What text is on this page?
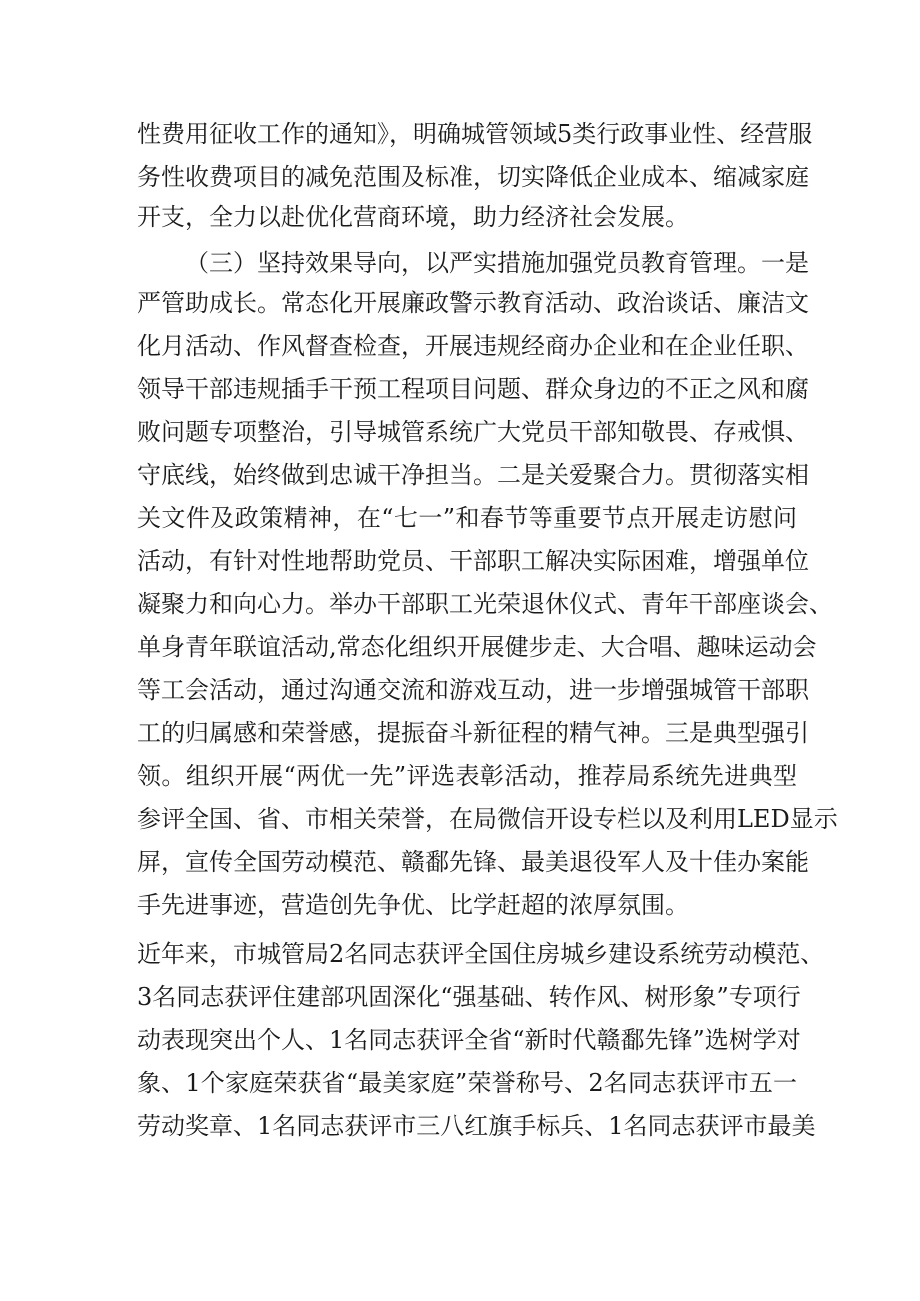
性费用征收工作的通知》，明确城管领域5类行政事业性、经营服
务性收费项目的减免范围及标准，切实降低企业成本、缩减家庭
开支，全力以赴优化营商环境，助力经济社会发展。
（三）坚持效果导向，以严实措施加强党员教育管理。一是
严管助成长。常态化开展廉政警示教育活动、政治谈话、廉洁文
化月活动、作风督查检查，开展违规经商办企业和在企业任职、
领导干部违规插手干预工程项目问题、群众身边的不正之风和腐
败问题专项整治，引导城管系统广大党员干部知敬畏、存戒惧、
守底线，始终做到忠诚干净担当。二是关爱聚合力。贯彻落实相
关文件及政策精神，在“七一”和春节等重要节点开展走访慰问
活动，有针对性地帮助党员、干部职工解决实际困难，增强单位
凝聚力和向心力。举办干部职工光荣退休仪式、青年干部座谈会、
单身青年联谊活动,常态化组织开展健步走、大合唱、趣味运动会
等工会活动，通过沟通交流和游戏互动，进一步增强城管干部职
工的归属感和荣誉感，提振奋斗新征程的精气神。三是典型强引
领。组织开展“两优一先”评选表彰活动，推荐局系统先进典型
参评全国、省、市相关荣誉，在局微信开设专栏以及利用LED显示
屏，宣传全国劳动模范、赣鄱先锋、最美退役军人及十佳办案能
手先进事迹，营造创先争优、比学赶超的浓厚氛围。
近年来，市城管局2名同志获评全国住房城乡建设系统劳动模范、
3名同志获评住建部巩固深化“强基础、转作风、树形象”专项行
动表现突出个人、1名同志获评全省“新时代赣鄱先锋”选树学对
象、1个家庭荣获省“最美家庭”荣誉称号、2名同志获评市五一
劳动奖章、1名同志获评市三八红旗手标兵、1名同志获评市最美
